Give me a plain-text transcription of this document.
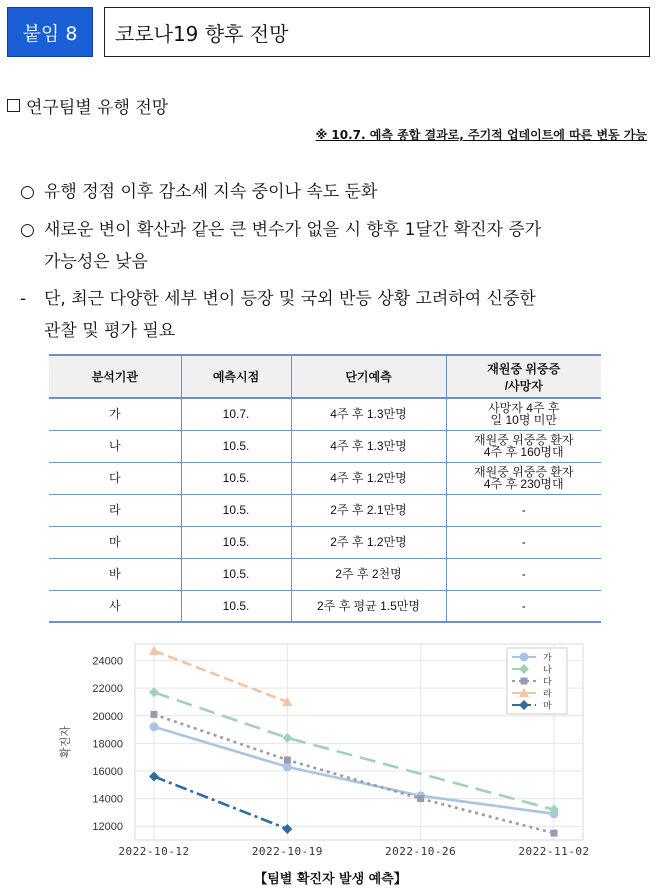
붙임 8	코로나19 향후 전망
연구팀별 유행 전망
※ 10.7. 예측 종합 결과로, 주기적 업데이트에 따른 변동 가능
○ 유행 정점 이후 감소세 지속 중이나 속도 둔화
○ 새로운 변이 확산과 같은 큰 변수가 없을 시 향후 1달간 확진자 증가
가능성은 낮음
- 단, 최근 다양한 세부 변이 등장 및 국외 반등 상황 고려하여 신중한
관찰 및 평가 필요
분석기관	예측시점	단기예측	재원중 위중증
/사망자
가	10.7.	4주 후 1.3만명	사망자 4주 후
일 10명 미만
나	10.5.	4주 후 1.3만명	재원중 위중증 환자
4주 후 160명대
다	10.5.	4주 후 1.2만명	재원중 위중증 환자
4주 후 230명대
라	10.5.	2주 후 2.1만명	-
마	10.5.	2주 후 1.2만명	-
바	10.5.	2주 후 2천명	-
사	10.5.	2주 후 평균 1.5만명	-
12000
14000
16000
18000
20000
22000
24000
2022-10-12	2022-10-19	2022-10-26	2022-11-02
확진자
가
나
다
라
마
【팀별 확진자 발생 예측】
